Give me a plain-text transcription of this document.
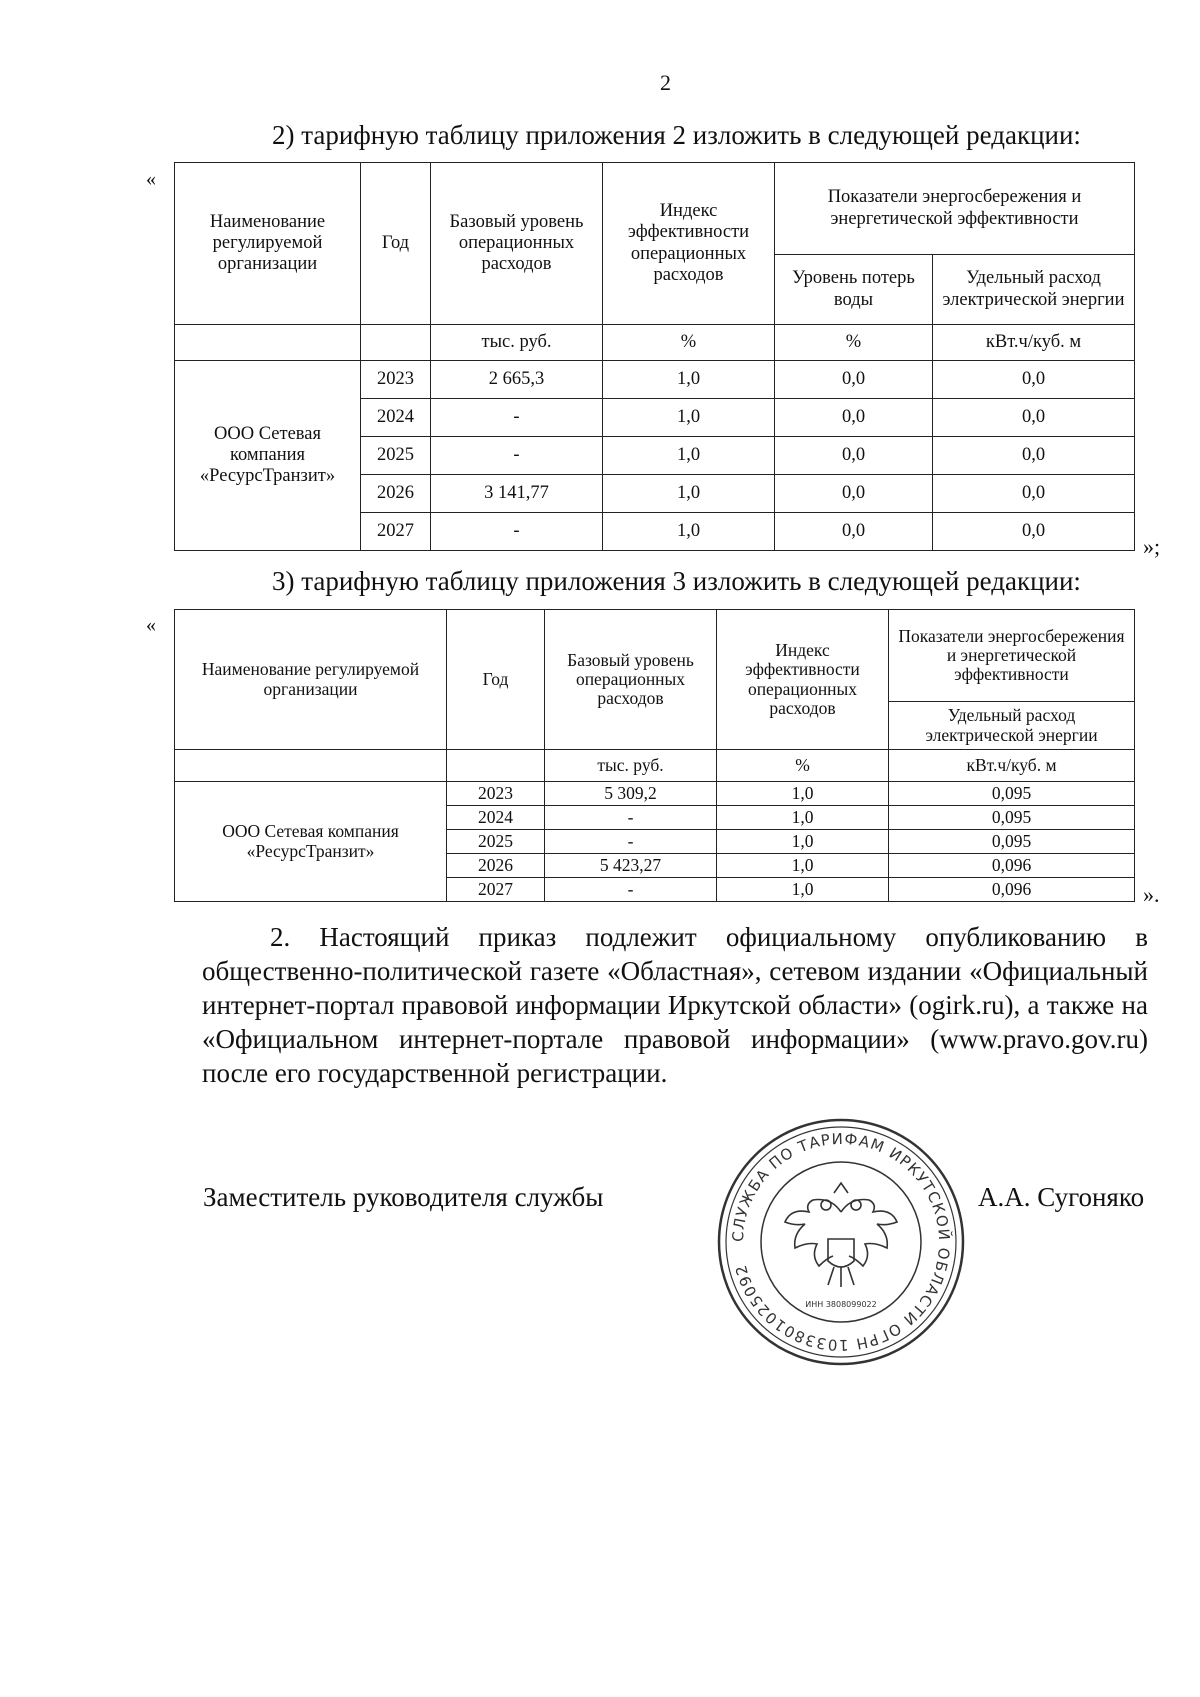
2
2) тарифную таблицу приложения 2 изложить в следующей редакции:
«
Наименование регулируемой организации	Год	Базовый уровень операционных расходов	Индекс эффективности операционных расходов	Показатели энергосбережения и энергетической эффективности	
				Уровень потерь воды	Удельный расход электрической энергии
		тыс. руб.	%	%	кВт.ч/куб. м
ООО Сетевая компания «РесурсТранзит»	2023	2 665,3	1,0	0,0	0,0
	2024	-	1,0	0,0	0,0
	2025	-	1,0	0,0	0,0
	2026	3 141,77	1,0	0,0	0,0
	2027	-	1,0	0,0	0,0
»;
3) тарифную таблицу приложения 3 изложить в следующей редакции:
«
Наименование регулируемой организации	Год	Базовый уровень операционных расходов	Индекс эффективности операционных расходов	Показатели энергосбережения и энергетической эффективности
				Удельный расход электрической энергии
		тыс. руб.	%	кВт.ч/куб. м
ООО Сетевая компания «РесурсТранзит»	2023	5 309,2	1,0	0,095
	2024	-	1,0	0,095
	2025	-	1,0	0,095
	2026	5 423,27	1,0	0,096
	2027	-	1,0	0,096	».
2. Настоящий приказ подлежит официальному опубликованию в общественно-политической газете «Областная», сетевом издании «Официальный интернет-портал правовой информации Иркутской области» (ogirk.ru), а также на «Официальном интернет-портале правовой информации» (www.pravo.gov.ru) после его государственной регистрации.
Заместитель руководителя службы	А.А. Сугоняко
СЛУЖБА ПО ТАРИФАМ ИРКУТСКОЙ ОБЛАСТИ ОГРН 1033801025092
ИНН 3808099022
